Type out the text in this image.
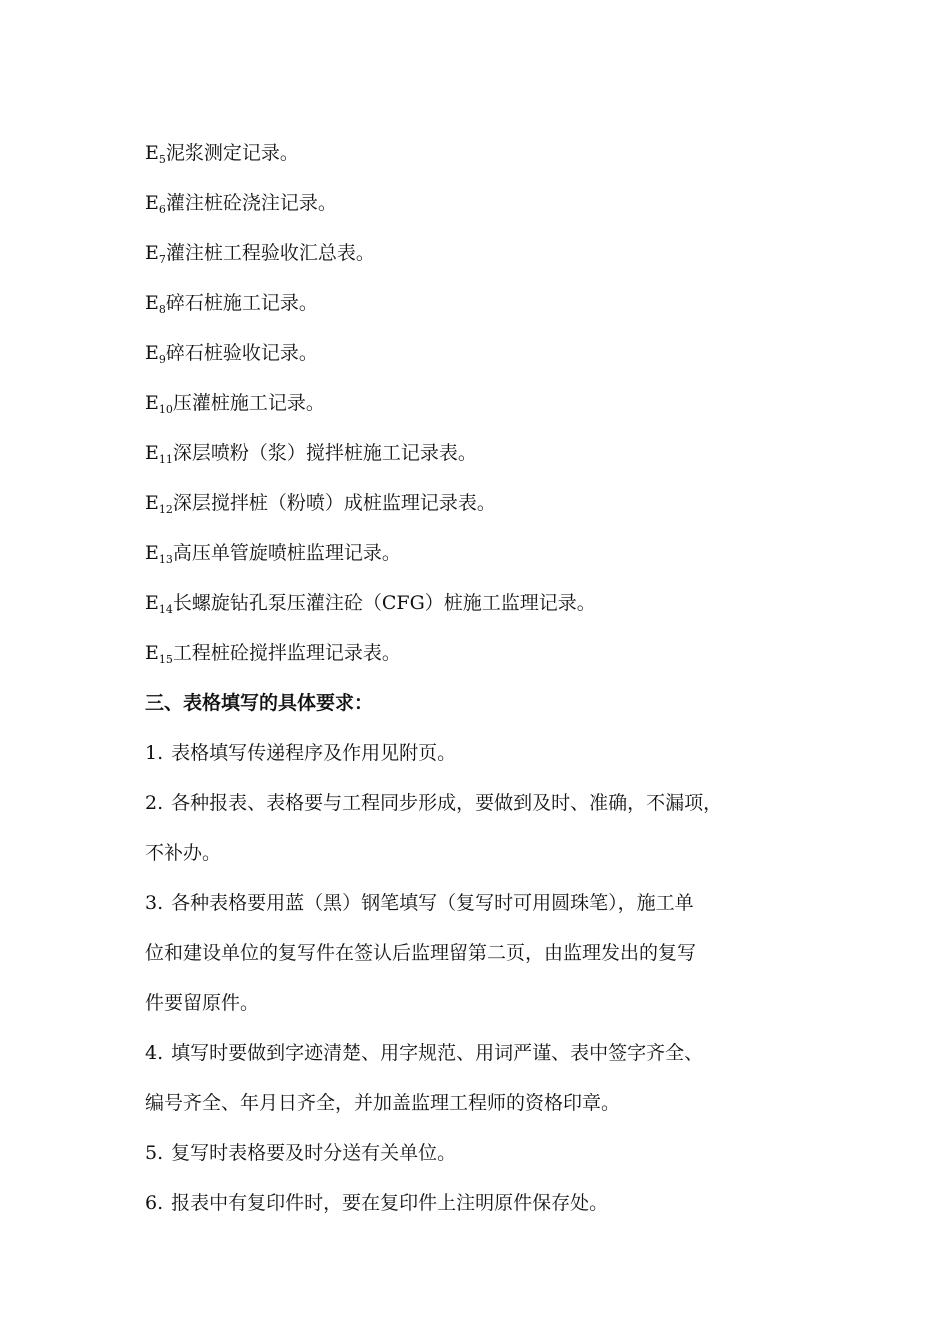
$E_5$泥浆测定记录。
$E_6$灌注桩砼浇注记录。
$E_7$灌注桩工程验收汇总表。
$E_8$碎石桩施工记录。
$E_9$碎石桩验收记录。
$E_{10}$压灌桩施工记录。
$E_{11}$深层喷粉（浆）搅拌桩施工记录表。
$E_{12}$深层搅拌桩（粉喷）成桩监理记录表。
$E_{13}$高压单管旋喷桩监理记录。
$E_{14}$长螺旋钻孔泵压灌注砼（CFG）桩施工监理记录。
$E_{15}$工程桩砼搅拌监理记录表。
三、表格填写的具体要求：
1. 表格填写传递程序及作用见附页。
2. 各种报表、表格要与工程同步形成，要做到及时、准确，不漏项，
不补办。
3. 各种表格要用蓝（黑）钢笔填写（复写时可用圆珠笔），施工单
位和建设单位的复写件在签认后监理留第二页，由监理发出的复写
件要留原件。
4. 填写时要做到字迹清楚、用字规范、用词严谨、表中签字齐全、
编号齐全、年月日齐全，并加盖监理工程师的资格印章。
5. 复写时表格要及时分送有关单位。
6. 报表中有复印件时，要在复印件上注明原件保存处。
